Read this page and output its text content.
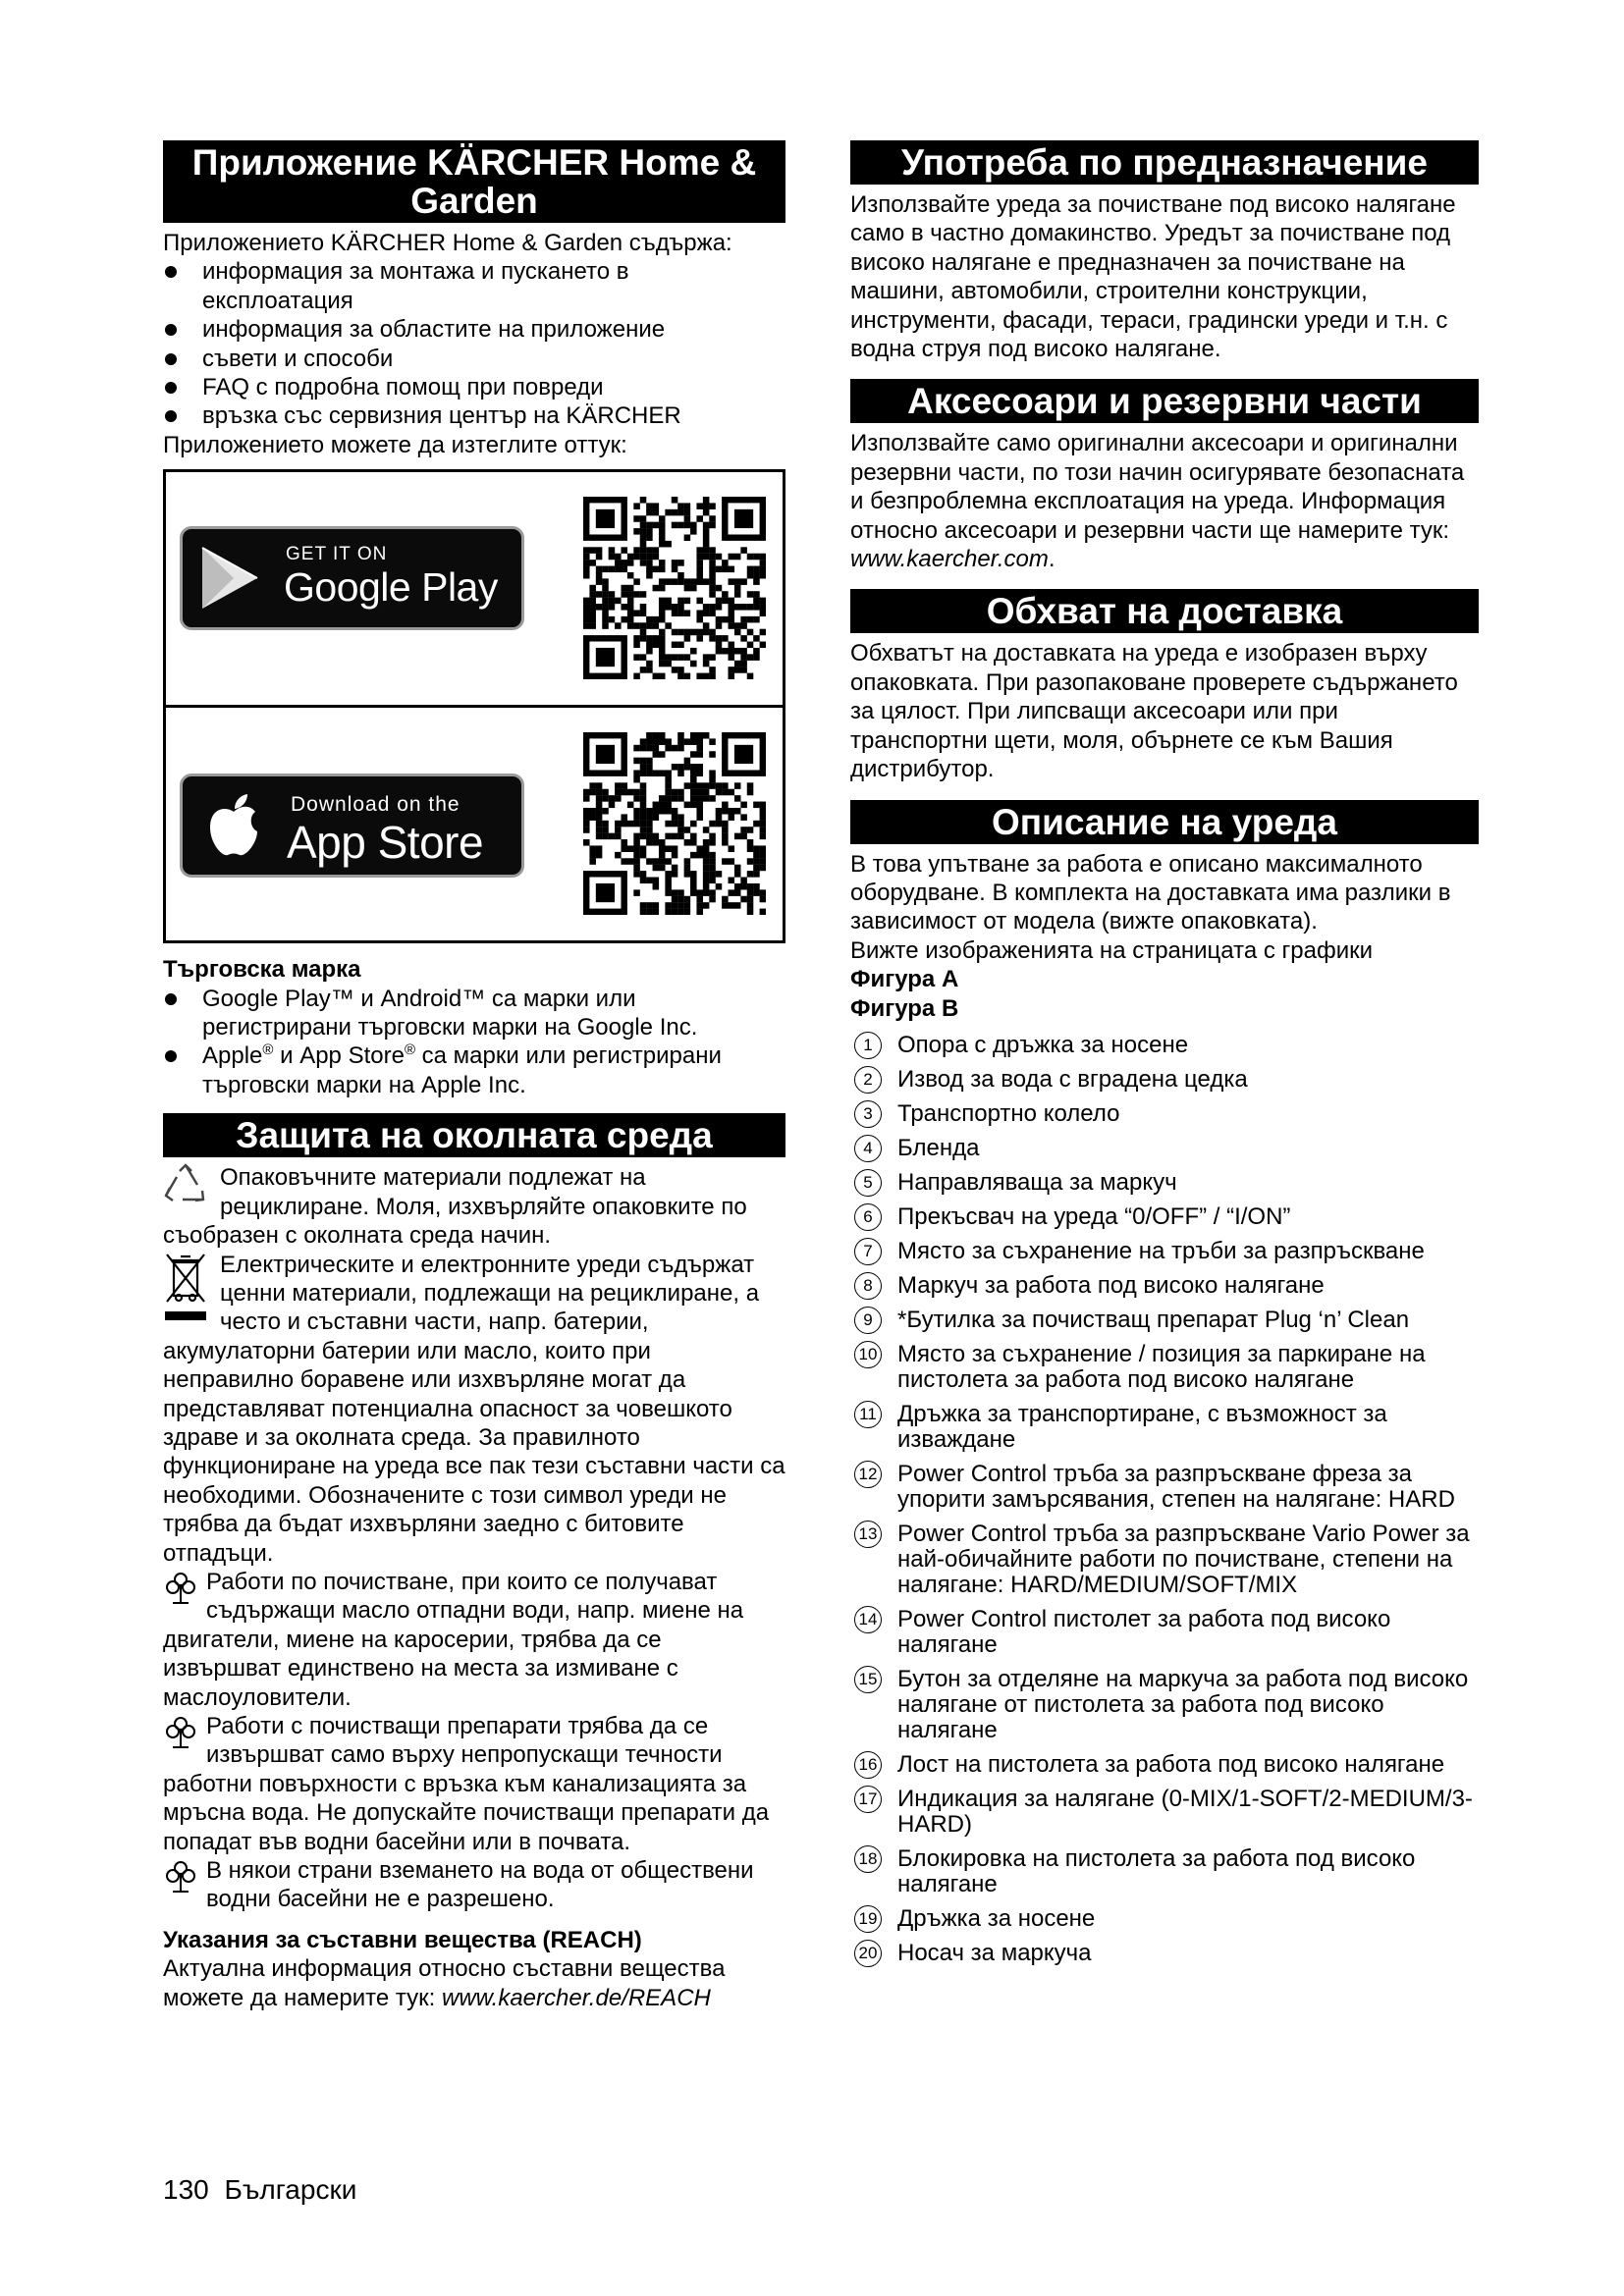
Приложение KÄRCHER Home & Garden

Приложението KÄRCHER Home & Garden съдържа:

информация за монтажа и пускането в експлоатация
информация за областите на приложение
съвети и способи
FAQ с подробна помощ при повреди
връзка със сервизния център на KÄRCHER

Приложението можете да изтеглите оттук:

GET IT ON
Google Play
Download on the
App Store

Търговска марка

Google Play™ и Android™ са марки или регистрирани търговски марки на Google Inc.
Apple® и App Store® са марки или регистрирани търговски марки на Apple Inc.
Защита на околната среда
Опаковъчните материали подлежат на рециклиране. Моля, изхвърляйте опаковките по съобразен с околната среда начин.
Електрическите и електронните уреди съдържат ценни материали, подлежащи на рециклиране, а често и съставни части, напр. батерии, акумулаторни батерии или масло, които при неправилно боравене или изхвърляне могат да представляват потенциална опасност за човешкото здраве и за околната среда. За правилното функциониране на уреда все пак тези съставни части са необходими. Обозначените с този символ уреди не трябва да бъдат изхвърляни заедно с битовите отпадъци.
Работи по почистване, при които се получават съдържащи масло отпадни води, напр. миене на двигатели, миене на каросерии, трябва да се извършват единствено на места за измиване с маслоуловители.
Работи с почистващи препарати трябва да се извършват само върху непропускащи течности работни повърхности с връзка към канализацията за мръсна вода. Не допускайте почистващи препарати да попадат във водни басейни или в почвата.
В някои страни вземането на вода от обществени водни басейни не е разрешено.

Указания за съставни вещества (REACH)

Актуална информация относно съставни вещества можете да намерите тук: www.kaercher.de/REACH

Употреба по предназначение

Използвайте уреда за почистване под високо налягане само в частно домакинство. Уредът за почистване под високо налягане е предназначен за почистване на машини, автомобили, строителни конструкции, инструменти, фасади, тераси, градински уреди и т.н. с водна струя под високо налягане.

Аксесоари и резервни части

Използвайте само оригинални аксесоари и оригинални резервни части, по този начин осигурявате безопасната и безпроблемна експлоатация на уреда. Информация относно аксесоари и резервни части ще намерите тук: www.kaercher.com.

Обхват на доставка

Обхватът на доставката на уреда е изобразен върху опаковката. При разопаковане проверете съдържането за цялост. При липсващи аксесоари или при транспортни щети, моля, обърнете се към Вашия дистрибутор.

Описание на уреда

В това упътване за работа е описано максималното оборудване. В комплекта на доставката има разлики в зависимост от модела (вижте опаковката).

Вижте изображенията на страницата с графики

Фигура A

Фигура B

1	Опора с дръжка за носене
2	Извод за вода с вградена цедка
3	Транспортно колело
4	Бленда
5	Направляваща за маркуч
6	Прекъсвач на уреда “0/OFF” / “I/ON”
7	Място за съхранение на тръби за разпръскване
8	Маркуч за работа под високо налягане
9	*Бутилка за почистващ препарат Plug ‘n’ Clean
10 Място за съхранение / позиция за паркиране на пистолета за работа под високо налягане
11 Дръжка за транспортиране, с възможност за изваждане
12 Power Control тръба за разпръскване фреза за упорити замърсявания, степен на налягане: HARD
13 Power Control тръба за разпръскване Vario Power за най-обичайните работи по почистване, степени на налягане: HARD/MEDIUM/SOFT/MIX
14 Power Control пистолет за работа под високо налягане
15 Бутон за отделяне на маркуча за работа под високо налягане от пистолета за работа под високо налягане
16 Лост на пистолета за работа под високо налягане
17 Индикация за налягане (0-MIX/1-SOFT/2-MEDIUM/3-HARD)
18 Блокировка на пистолета за работа под високо налягане
19 Дръжка за носене
20 Носач за маркуча
130 Български
